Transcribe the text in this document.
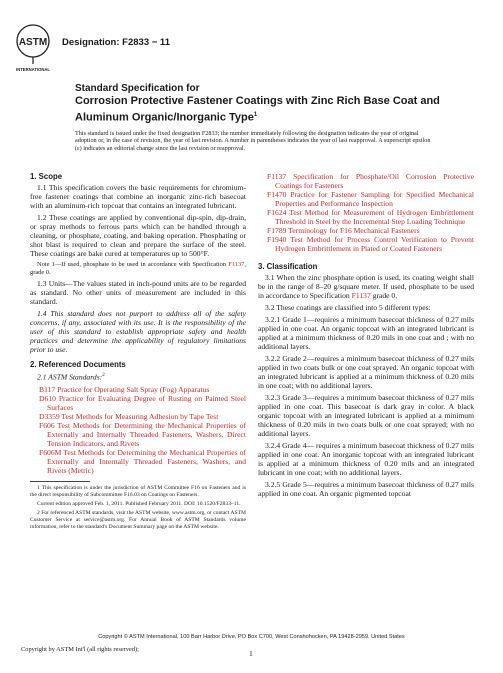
ASTM
INTERNATIONAL
Designation: F2833 − 11
Standard Specification for
Corrosion Protective Fastener Coatings with Zinc Rich Base Coat and Aluminum Organic/Inorganic Type$^1$
This standard is issued under the fixed designation F2833; the number immediately following the designation indicates the year of original adoption or, in the case of revision, the year of last revision. A number in parentheses indicates the year of last reapproval. A superscript epsilon (ε) indicates an editorial change since the last revision or reapproval.
1. Scope

1.1 This specification covers the basic requirements for chromium-free fastener coatings that combine an inorganic zinc-rich basecoat with an aluminum-rich topcoat that contains an integrated lubricant.

1.2 These coatings are applied by conventional dip-spin, dip-drain, or spray methods to ferrous parts which can be handled through a cleaning, or phosphate, coating, and baking operation. Phosphating or shot blast is required to clean and prepare the surface of the steel. These coatings are bake cured at temperatures up to 500°F.

Note 1—If used, phosphate to be used in accordance with Specification F1137, grade 0.

1.3 Units—The values stated in inch-pound units are to be regarded as standard. No other units of measurement are included in this standard.

1.4 This standard does not purport to address all of the safety concerns, if any, associated with its use. It is the responsibility of the user of this standard to establish appropriate safety and health practices and determine the applicability of regulatory limitations prior to use.

2. Referenced Documents

2.1 ASTM Standards:$^2$

B117 Practice for Operating Salt Spray (Fog) Apparatus
D610 Practice for Evaluating Degree of Rusting on Painted Steel Surfaces
D3359 Test Methods for Measuring Adhesion by Tape Test
F606 Test Methods for Determining the Mechanical Properties of Externally and Internally Threaded Fasteners, Washers, Direct Tension Indicators, and Rivets
F606M Test Methods for Determining the Mechanical Properties of Externally and Internally Threaded Fasteners, Washers, and Rivets (Metric)
1 This specification is under the jurisdiction of ASTM Committee F16 on Fasteners and is the direct responsibility of Subcommittee F16.03 on Coatings on Fasteners.
Current edition approved Feb. 1, 2011. Published February 2011. DOI: 10.1520/F2833–11.
2 For referenced ASTM standards, visit the ASTM website, www.astm.org, or contact ASTM Customer Service at service@astm.org. For Annual Book of ASTM Standards volume information, refer to the standard's Document Summary page on the ASTM website.
F1137 Specification for Phosphate/Oil Corrosion Protective Coatings for Fasteners
F1470 Practice for Fastener Sampling for Specified Mechanical Properties and Performance Inspection
F1624 Test Method for Measurement of Hydrogen Embrittlement Threshold in Steel by the Incremental Step Loading Technique
F1789 Terminology for F16 Mechanical Fasteners
F1940 Test Method for Process Control Verification to Prevent Hydrogen Embrittlement in Plated or Coated Fasteners
3. Classification

3.1 When the zinc phosphate option is used, its coating weight shall be in the range of 8–20 g/square meter. If used, phosphate to be used in accordance to Specification F1137 grade 0.

3.2 These coatings are classified into 5 different types:

3.2.1 Grade 1—requires a minimum basecoat thickness of 0.27 mils applied in one coat. An organic topcoat with an integrated lubricant is applied at a minimum thickness of 0.20 mils in one coat and ; with no additional layers.

3.2.2 Grade 2—requires a minimum basecoat thickness of 0.27 mils applied in two coats bulk or one coat sprayed. An organic topcoat with an integrated lubricant is applied at a minimum thickness of 0.20 mils in one coat; with no additional layers.

3.2.3 Grade 3—requires a minimum basecoat thickness of 0.27 mils applied in one coat. This basecoat is dark gray in color. A black organic topcoat with an integrated lubricant is applied at a minimum thickness of 0.20 mils in two coats bulk or one coat sprayed; with no additional layers.

3.2.4 Grade 4— requires a minimum basecoat thickness of 0.27 mils applied in one coat. An inorganic topcoat with an integrated lubricant is applied at a minimum thickness of 0.20 mils and an integrated lubricant in one coat; with no additional layers.

3.2.5 Grade 5—requires a minimum basecoat thickness of 0.27 mils applied in one coat. An organic pigmented topcoat

Copyright © ASTM International, 100 Barr Harbor Drive, PO Box C700, West Conshohocken, PA 19428-2959. United States
Copyright by ASTM Int'l (all rights reserved);	1
